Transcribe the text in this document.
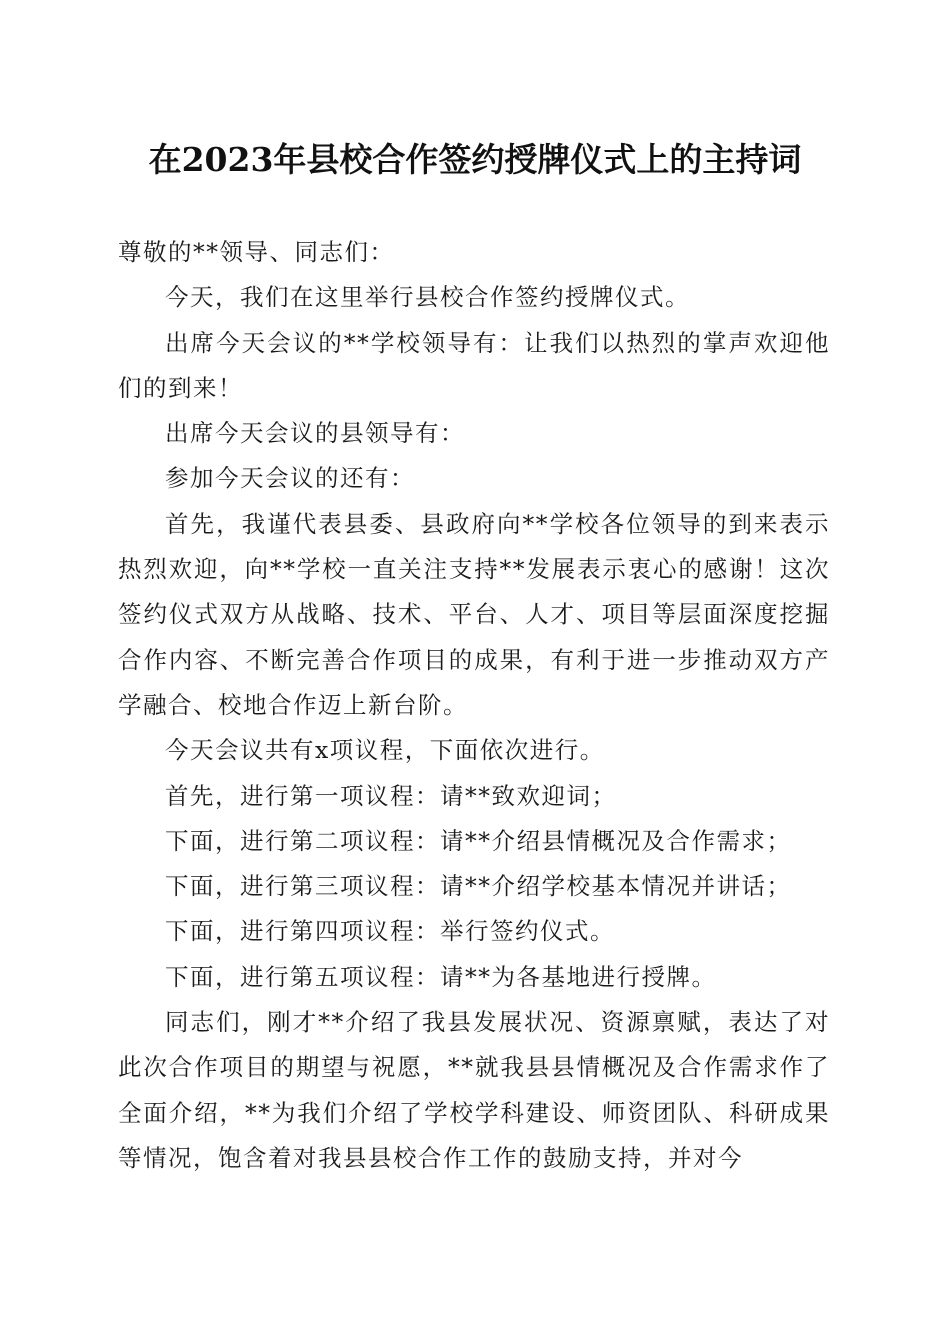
在2023年县校合作签约授牌仪式上的主持词

尊敬的**领导、同志们：

今天，我们在这里举行县校合作签约授牌仪式。

出席今天会议的**学校领导有：让我们以热烈的掌声欢迎他们的到来！

出席今天会议的县领导有：

参加今天会议的还有：

首先，我谨代表县委、县政府向**学校各位领导的到来表示热烈欢迎，向**学校一直关注支持**发展表示衷心的感谢！这次签约仪式双方从战略、技术、平台、人才、项目等层面深度挖掘合作内容、不断完善合作项目的成果，有利于进一步推动双方产学融合、校地合作迈上新台阶。

今天会议共有x项议程，下面依次进行。

首先，进行第一项议程：请**致欢迎词；

下面，进行第二项议程：请**介绍县情概况及合作需求；

下面，进行第三项议程：请**介绍学校基本情况并讲话；

下面，进行第四项议程：举行签约仪式。

下面，进行第五项议程：请**为各基地进行授牌。

同志们，刚才**介绍了我县发展状况、资源禀赋，表达了对此次合作项目的期望与祝愿，**就我县县情概况及合作需求作了全面介绍，**为我们介绍了学校学科建设、师资团队、科研成果等情况，饱含着对我县县校合作工作的鼓励支持，并对今
